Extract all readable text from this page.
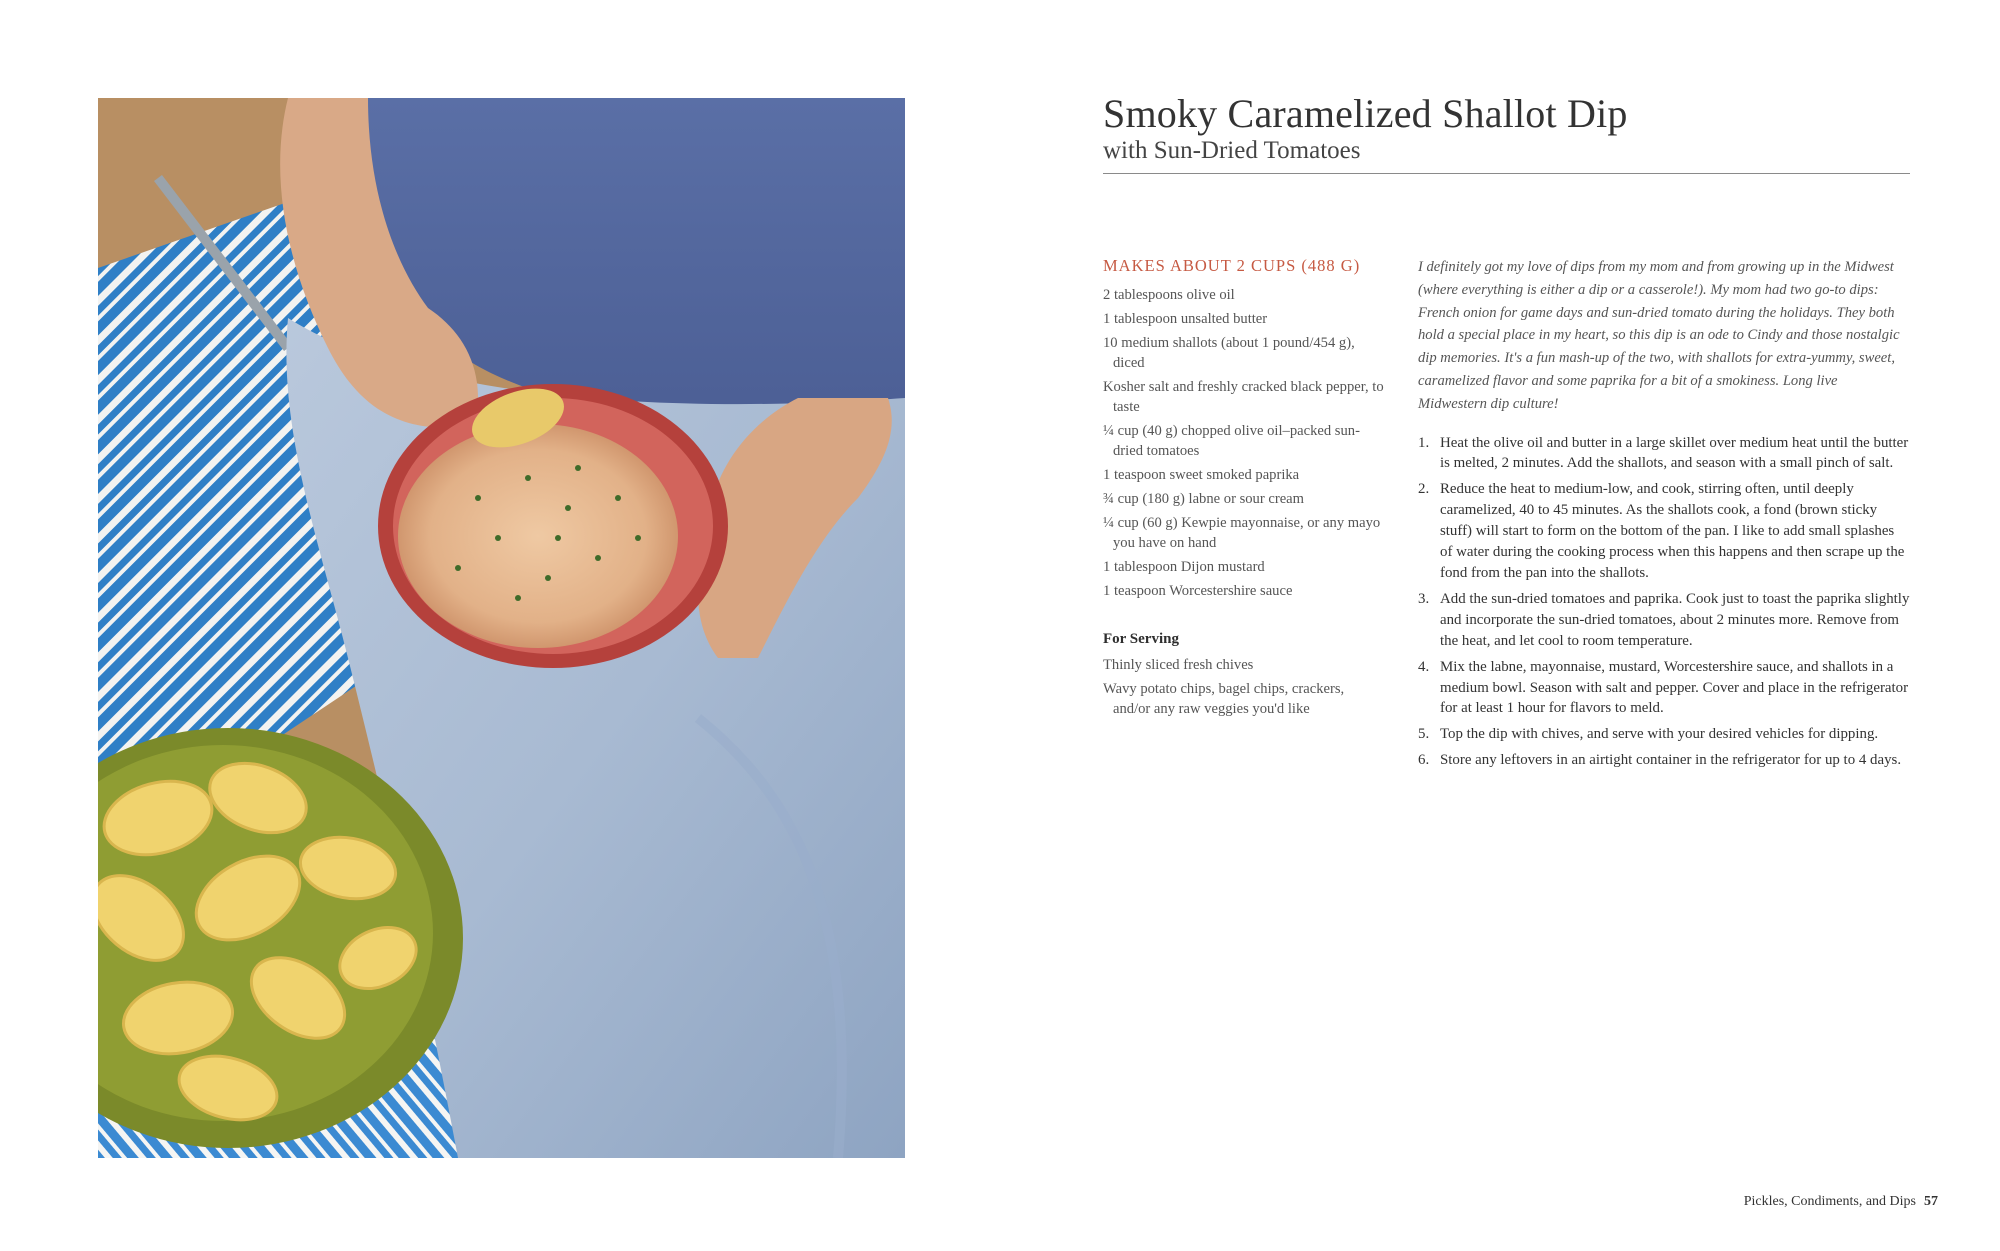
Smoky Caramelized Shallot Dip
with Sun-Dried Tomatoes
MAKES ABOUT 2 CUPS (488 G)
2 tablespoons olive oil
1 tablespoon unsalted butter
10 medium shallots (about 1 pound/454 g), diced
Kosher salt and freshly cracked black pepper, to taste
¼ cup (40 g) chopped olive oil–packed sun-dried tomatoes
1 teaspoon sweet smoked paprika
¾ cup (180 g) labne or sour cream
¼ cup (60 g) Kewpie mayonnaise, or any mayo you have on hand
1 tablespoon Dijon mustard
1 teaspoon Worcestershire sauce
For Serving
Thinly sliced fresh chives
Wavy potato chips, bagel chips, crackers, and/or any raw veggies you'd like

I definitely got my love of dips from my mom and from growing up in the Midwest (where everything is either a dip or a casserole!). My mom had two go-to dips: French onion for game days and sun-dried tomato during the holidays. They both hold a special place in my heart, so this dip is an ode to Cindy and those nostalgic dip memories. It's a fun mash-up of the two, with shallots for extra-yummy, sweet, caramelized flavor and some paprika for a bit of a smokiness. Long live Midwestern dip culture!

1. Heat the olive oil and butter in a large skillet over medium heat until the butter is melted, 2 minutes. Add the shallots, and season with a small pinch of salt.
2. Reduce the heat to medium-low, and cook, stirring often, until deeply caramelized, 40 to 45 minutes. As the shallots cook, a fond (brown sticky stuff) will start to form on the bottom of the pan. I like to add small splashes of water during the cooking process when this happens and then scrape up the fond from the pan into the shallots.
3. Add the sun-dried tomatoes and paprika. Cook just to toast the paprika slightly and incorporate the sun-dried tomatoes, about 2 minutes more. Remove from the heat, and let cool to room temperature.
4. Mix the labne, mayonnaise, mustard, Worcestershire sauce, and shallots in a medium bowl. Season with salt and pepper. Cover and place in the refrigerator for at least 1 hour for flavors to meld.
5. Top the dip with chives, and serve with your desired vehicles for dipping.
6. Store any leftovers in an airtight container in the refrigerator for up to 4 days.
Pickles, Condiments, and Dips 57
